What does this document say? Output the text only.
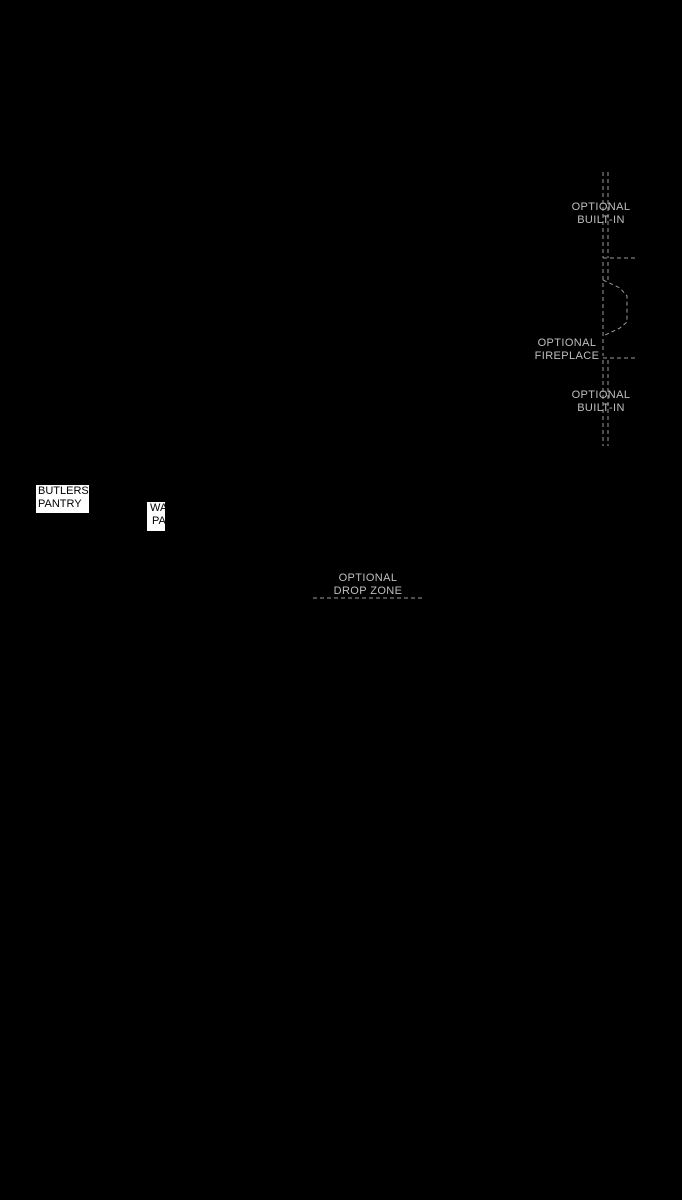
OPTIONAL
BUILT-IN
OPTIONAL
FIREPLACE
OPTIONAL
BUILT-IN
OPTIONAL
DROP ZONE
BUTLERS
PANTRY	WALK-IN
PANTRY
